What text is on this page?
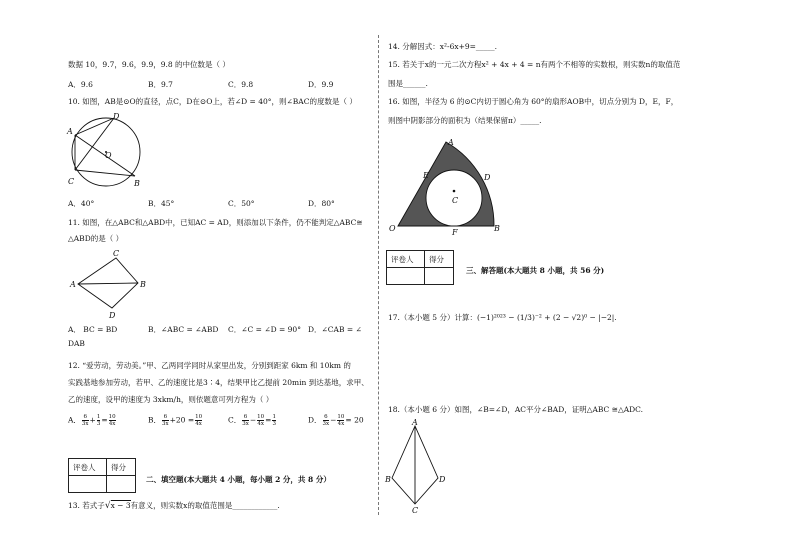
数据 10，9.7，9.6，9.9，9.8 的中位数是（ ）
A．9.6	B．9.7	C．9.8	D．9.9
10. 如图，AB是⊙O的直径，点C，D在⊙O上，若∠D = 40°，则∠BAC的度数是（ ）
D
A
O
C	B
A．40°	B．45°	C．50°	D．80°
11. 如图，在△ABC和△ABD中，已知AC = AD，则添加以下条件，仍不能判定△ABC≅
△ABD的是（ ）
C
A	B
D
A． BC = BD	B．∠ABC = ∠ABD C．∠C = ∠D = 90° D．∠CAB = ∠
DAB
12. “爱劳动，劳动美。”甲、乙两同学同时从家里出发，分别到距家 6km 和 10km 的
实践基地参加劳动，若甲、乙的速度比是3∶4，结果甲比乙提前 20min 到达基地，求甲、
乙的速度，设甲的速度为 3xkm/h，则依题意可列方程为（ ）
A． $\frac{6}{3x} + \frac{1}{3} = \frac{10}{4x}$	B． $\frac{6}{3x} +20 = \frac{10}{4x}$	C． $\frac{6}{3x} - \frac{10}{4x} = \frac{1}{3}$	D． $\frac{6}{3x} - \frac{10}{4x} = 20$
评卷人	得分

二、填空题(本大题共 4 小题，每小题 2 分，共 8 分）
13. 若式子√x − 3有意义，则实数x的取值范围是____________.
14. 分解因式：x²-6x+9=_____.
15. 若关于x的一元二次方程x² + 4x + 4 = n有两个不相等的实数根，则实数n的取值范
围是______.
16. 如图，半径为 6 的⊙C内切于圆心角为 60°的扇形AOB中，切点分别为 D，E，F，
则图中阴影部分的面积为（结果保留π）_____.
A
E	D
C
O	F	B
评卷人	得分

三、解答题(本大题共 8 小题，共 56 分)
17.（本小题 5 分）计算：(−1)²⁰²³ − (1/3)⁻² + (2 − √2)⁰ − |−2|.
18.（本小题 6 分）如图，∠B=∠D，AC平分∠BAD，证明△ABC ≅△ADC.
A
B	D
C
